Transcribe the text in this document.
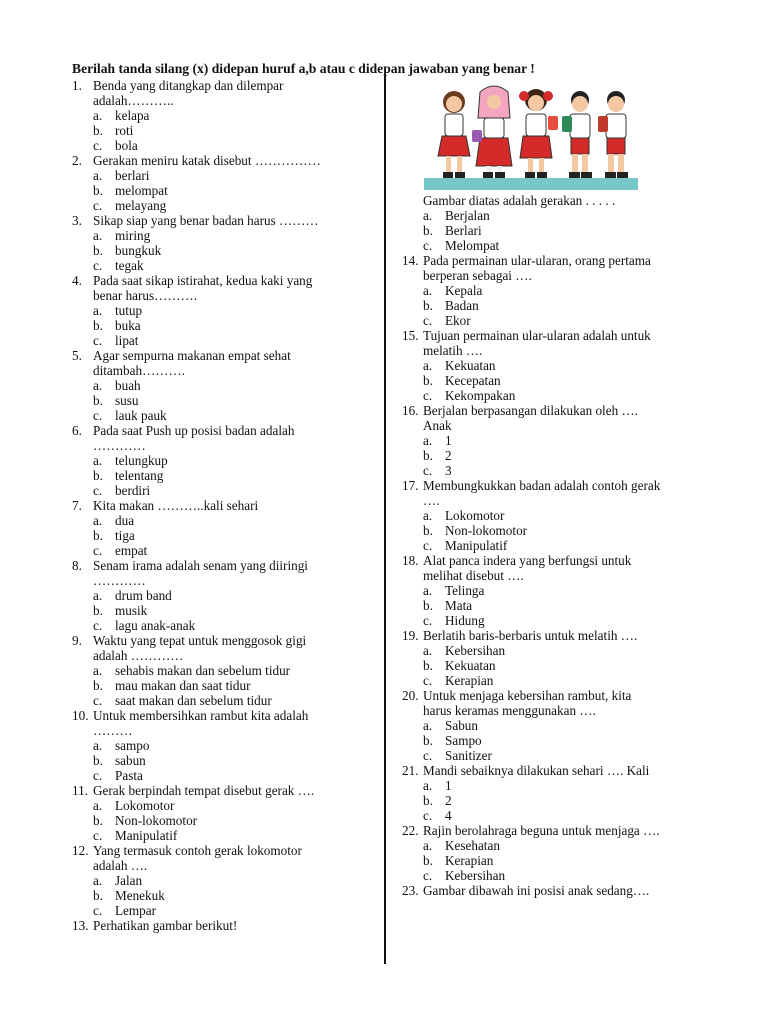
Berilah tanda silang (x) didepan huruf a,b atau c didepan jawaban yang benar !
1. Benda yang ditangkap dan dilempar
adalah………..
a. kelapa
b. roti
c. bola
2. Gerakan meniru katak disebut ……………
a. berlari
b. melompat
c. melayang
3. Sikap siap yang benar badan harus ………
a. miring
b. bungkuk
c. tegak
4. Pada saat sikap istirahat, kedua kaki yang
benar harus……….
a. tutup
b. buka
c. lipat
5. Agar sempurna makanan empat sehat
ditambah……….
a. buah
b. susu
c. lauk pauk
6. Pada saat Push up posisi badan adalah
…………
a. telungkup
b. telentang
c. berdiri
7. Kita makan ………..kali sehari
a. dua
b. tiga
c. empat
8. Senam irama adalah senam yang diiringi
…………
a. drum band
b. musik
c. lagu anak-anak
9. Waktu yang tepat untuk menggosok gigi
adalah …………
a. sehabis makan dan sebelum tidur
b. mau makan dan saat tidur
c. saat makan dan sebelum tidur
10. Untuk membersihkan rambut kita adalah
………
a. sampo
b. sabun
c. Pasta
11. Gerak berpindah tempat disebut gerak ….
a. Lokomotor
b. Non-lokomotor
c. Manipulatif
12. Yang termasuk contoh gerak lokomotor
adalah ….
a. Jalan
b. Menekuk
c. Lempar
13. Perhatikan gambar berikut!
Gambar diatas adalah gerakan . . . . .
a. Berjalan
b. Berlari
c. Melompat
14. Pada permainan ular-ularan, orang pertama
berperan sebagai ….
a. Kepala
b. Badan
c. Ekor
15. Tujuan permainan ular-ularan adalah untuk
melatih ….
a. Kekuatan
b. Kecepatan
c. Kekompakan
16. Berjalan berpasangan dilakukan oleh ….
Anak
a. 1
b. 2
c. 3
17. Membungkukkan badan adalah contoh gerak
….
a. Lokomotor
b. Non-lokomotor
c. Manipulatif
18. Alat panca indera yang berfungsi untuk
melihat disebut ….
a. Telinga
b. Mata
c. Hidung
19. Berlatih baris-berbaris untuk melatih ….
a. Kebersihan
b. Kekuatan
c. Kerapian
20. Untuk menjaga kebersihan rambut, kita
harus keramas menggunakan ….
a. Sabun
b. Sampo
c. Sanitizer
21. Mandi sebaiknya dilakukan sehari …. Kali
a. 1
b. 2
c. 4
22. Rajin berolahraga beguna untuk menjaga ….
a. Kesehatan
b. Kerapian
c. Kebersihan
23. Gambar dibawah ini posisi anak sedang….
